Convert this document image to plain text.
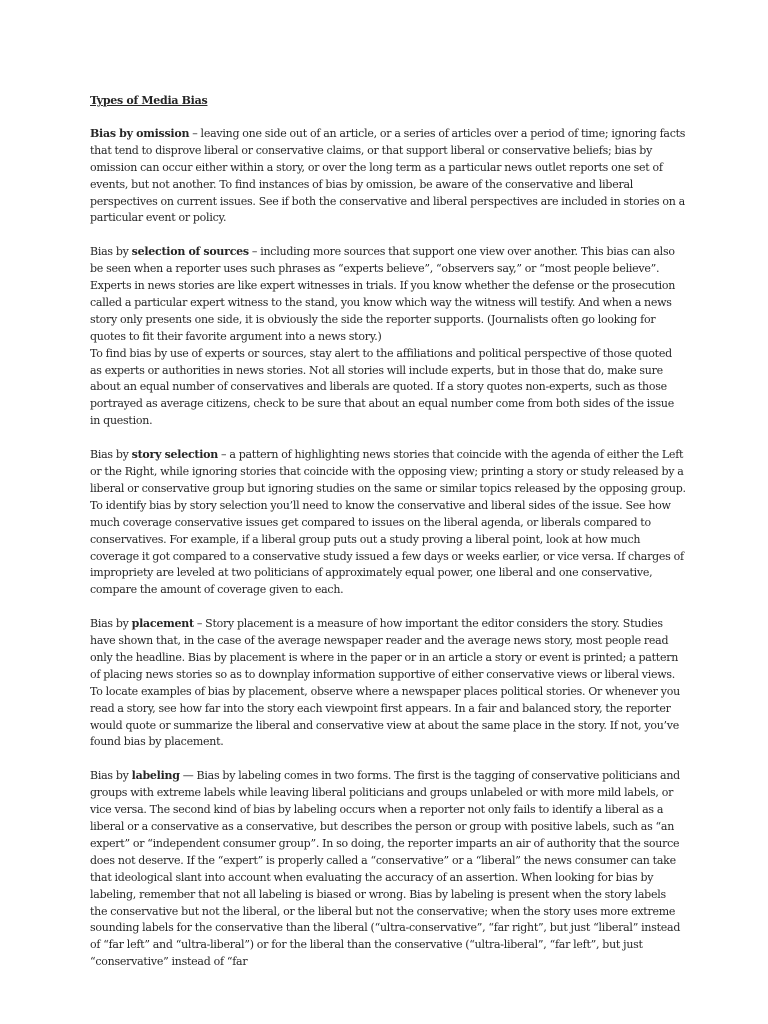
Types of Media Bias

Bias by omission – leaving one side out of an article, or a series of articles over a period of time; ignoring facts that tend to disprove liberal or conservative claims, or that support liberal or conservative beliefs; bias by omission can occur either within a story, or over the long term as a particular news outlet reports one set of events, but not another. To find instances of bias by omission, be aware of the conservative and liberal perspectives on current issues. See if both the conservative and liberal perspectives are included in stories on a particular event or policy.

Bias by selection of sources – including more sources that support one view over another. This bias can also be seen when a reporter uses such phrases as “experts believe”, “observers say,” or “most people believe”. Experts in news stories are like expert witnesses in trials. If you know whether the defense or the prosecution called a particular expert witness to the stand, you know which way the witness will testify. And when a news story only presents one side, it is obviously the side the reporter supports. (Journalists often go looking for quotes to fit their favorite argument into a news story.)

To find bias by use of experts or sources, stay alert to the affiliations and political perspective of those quoted as experts or authorities in news stories. Not all stories will include experts, but in those that do, make sure about an equal number of conservatives and liberals are quoted. If a story quotes non-experts, such as those portrayed as average citizens, check to be sure that about an equal number come from both sides of the issue in question.

Bias by story selection – a pattern of highlighting news stories that coincide with the agenda of either the Left or the Right, while ignoring stories that coincide with the opposing view; printing a story or study released by a liberal or conservative group but ignoring studies on the same or similar topics released by the opposing group. To identify bias by story selection you’ll need to know the conservative and liberal sides of the issue. See how much coverage conservative issues get compared to issues on the liberal agenda, or liberals compared to conservatives. For example, if a liberal group puts out a study proving a liberal point, look at how much coverage it got compared to a conservative study issued a few days or weeks earlier, or vice versa. If charges of impropriety are leveled at two politicians of approximately equal power, one liberal and one conservative, compare the amount of coverage given to each.

Bias by placement – Story placement is a measure of how important the editor considers the story. Studies have shown that, in the case of the average newspaper reader and the average news story, most people read only the headline. Bias by placement is where in the paper or in an article a story or event is printed; a pattern of placing news stories so as to downplay information supportive of either conservative views or liberal views. To locate examples of bias by placement, observe where a newspaper places political stories. Or whenever you read a story, see how far into the story each viewpoint first appears. In a fair and balanced story, the reporter would quote or summarize the liberal and conservative view at about the same place in the story. If not, you’ve found bias by placement.

Bias by labeling — Bias by labeling comes in two forms. The first is the tagging of conservative politicians and groups with extreme labels while leaving liberal politicians and groups unlabeled or with more mild labels, or vice versa. The second kind of bias by labeling occurs when a reporter not only fails to identify a liberal as a liberal or a conservative as a conservative, but describes the person or group with positive labels, such as “an expert” or “independent consumer group”. In so doing, the reporter imparts an air of authority that the source does not deserve. If the “expert” is properly called a “conservative” or a “liberal” the news consumer can take that ideological slant into account when evaluating the accuracy of an assertion. When looking for bias by labeling, remember that not all labeling is biased or wrong. Bias by labeling is present when the story labels the conservative but not the liberal, or the liberal but not the conservative; when the story uses more extreme sounding labels for the conservative than the liberal (“ultra-conservative”, “far right”, but just “liberal” instead of “far left” and “ultra-liberal”) or for the liberal than the conservative (“ultra-liberal”, “far left”, but just “conservative” instead of “far
